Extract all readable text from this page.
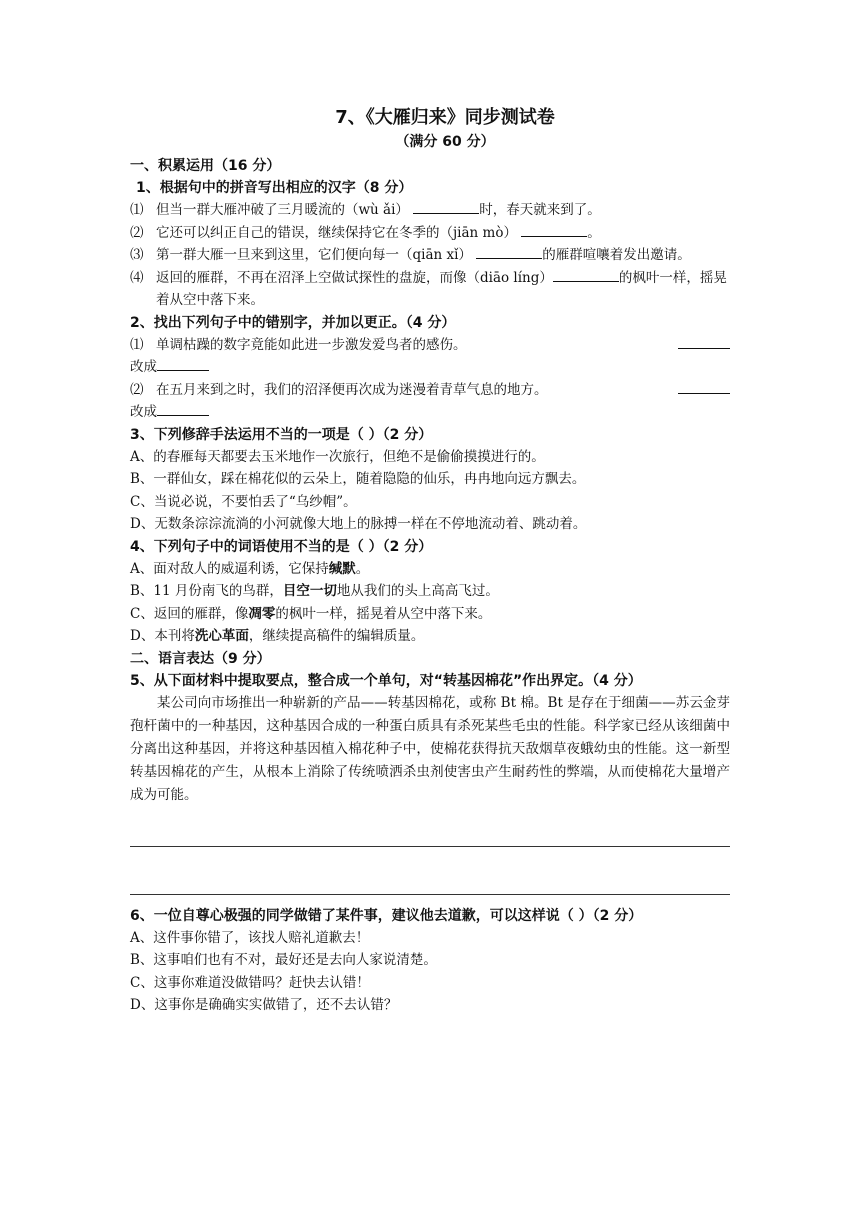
7、《大雁归来》同步测试卷

（满分 60 分）

一、积累运用（16 分）

1、根据句中的拼音写出相应的汉字（8 分）

⑴ 但当一群大雁冲破了三月暖流的（wù ǎi）	时，春天就来到了。
⑵ 它还可以纠正自己的错误，继续保持它在冬季的（jiān mò）	。
⑶ 第一群大雁一旦来到这里，它们便向每一（qiān xǐ）	的雁群喧嚷着发出邀请。
⑷ 返回的雁群，不再在沼泽上空做试探性的盘旋，而像（diāo líng）	的枫叶一样，摇晃着从空中落下来。

2、找出下列句子中的错别字，并加以更正。（4 分）

⑴ 单调枯躁的数字竟能如此进一步激发爱鸟者的感伤。

改成

⑵ 在五月来到之时，我们的沼泽便再次成为迷漫着青草气息的地方。

改成

3、下列修辞手法运用不当的一项是（ ）（2 分）

A、的春雁每天都要去玉米地作一次旅行，但绝不是偷偷摸摸进行的。

B、一群仙女，踩在棉花似的云朵上，随着隐隐的仙乐，冉冉地向远方飘去。

C、当说必说，不要怕丢了“乌纱帽”。

D、无数条淙淙流淌的小河就像大地上的脉搏一样在不停地流动着、跳动着。

4、下列句子中的词语使用不当的是（ ）（2 分）

A、面对敌人的威逼利诱，它保持缄默。

B、11 月份南飞的鸟群，目空一切地从我们的头上高高飞过。

C、返回的雁群，像凋零的枫叶一样，摇晃着从空中落下来。

D、本刊将洗心革面，继续提高稿件的编辑质量。

二、语言表达（9 分）

5、从下面材料中提取要点，整合成一个单句，对“转基因棉花”作出界定。（4 分）

某公司向市场推出一种崭新的产品——转基因棉花，或称 Bt 棉。Bt 是存在于细菌——苏云金芽孢杆菌中的一种基因，这种基因合成的一种蛋白质具有杀死某些毛虫的性能。科学家已经从该细菌中分离出这种基因，并将这种基因植入棉花种子中，使棉花获得抗天敌烟草夜蛾幼虫的性能。这一新型转基因棉花的产生，从根本上消除了传统喷洒杀虫剂使害虫产生耐药性的弊端，从而使棉花大量增产成为可能。

6、一位自尊心极强的同学做错了某件事，建议他去道歉，可以这样说（ ）（2 分）

A、这件事你错了，该找人赔礼道歉去！

B、这事咱们也有不对，最好还是去向人家说清楚。

C、这事你难道没做错吗？赶快去认错！

D、这事你是确确实实做错了，还不去认错？
